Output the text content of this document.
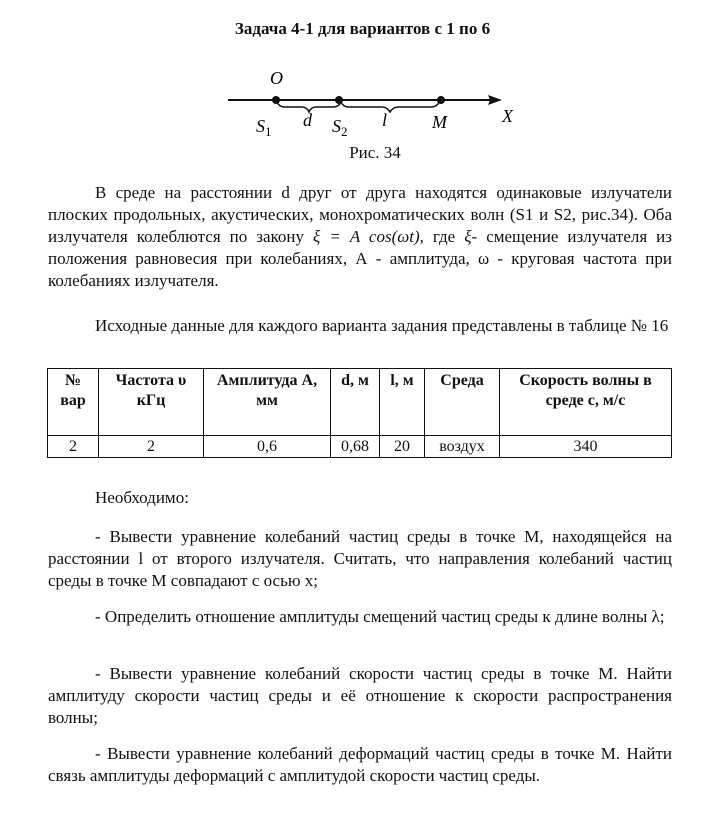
Задача 4-1 для вариантов с 1 по 6
O
$S_1$
d $S_2$
l M	X
Рис. 34
В среде на расстоянии d друг от друга находятся одинаковые излучатели плоских продольных, акустических, монохроматических волн (S1 и S2, рис.34). Оба излучателя колеблются по закону ξ = A cos(ωt), где ξ- смещение излучателя из положения равновесия при колебаниях, А - амплитуда, ω - круговая частота при колебаниях излучателя.
Исходные данные для каждого варианта задания представлены в таблице № 16
№ вар	Частота υ кГц	Амплитуда А, мм	d, м	l, м	Среда	Скорость волны в среде с, м/с
2	2	0,6	0,68	20	воздух	340
Необходимо:
- Вывести уравнение колебаний частиц среды в точке М, находящейся на расстоянии l от второго излучателя. Считать, что направления колебаний частиц среды в точке М совпадают с осью x;
- Определить отношение амплитуды смещений частиц среды к длине волны λ;
- Вывести уравнение колебаний скорости частиц среды в точке М. Найти амплитуду скорости частиц среды и её отношение к скорости распространения волны;
- Вывести уравнение колебаний деформаций частиц среды в точке М. Найти связь амплитуды деформаций с амплитудой скорости частиц среды.
